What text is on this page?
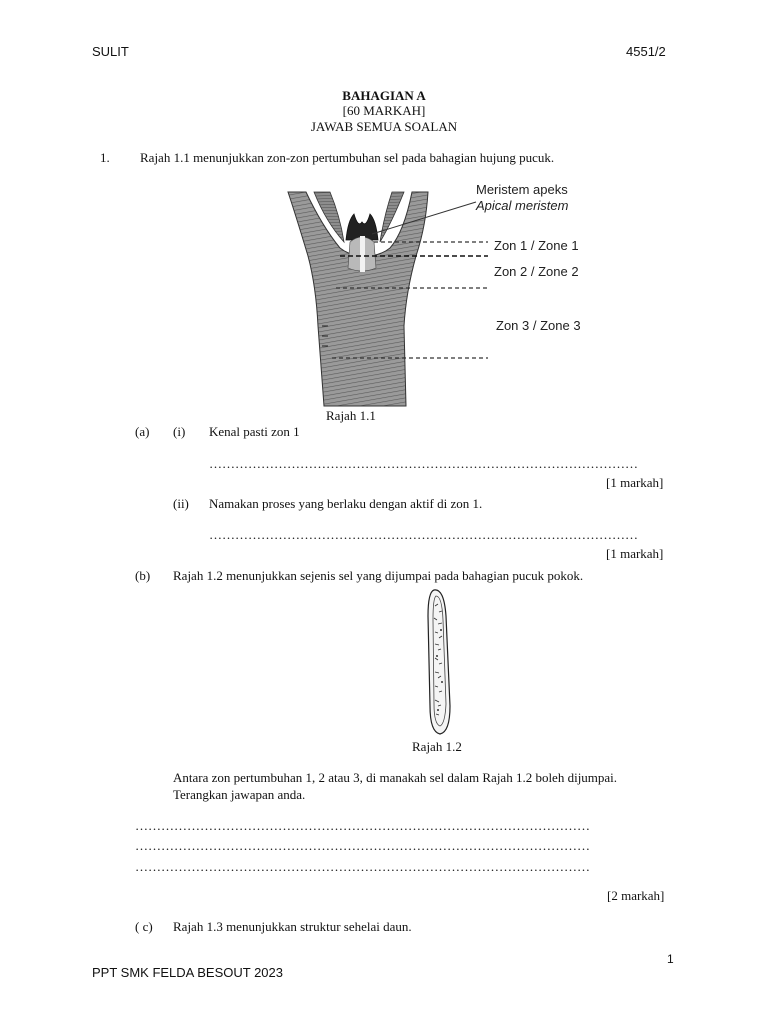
SULIT	4551/2
BAHAGIAN A
[60 MARKAH]
JAWAB SEMUA SOALAN
1. Rajah 1.1 menunjukkan zon-zon pertumbuhan sel pada bahagian hujung pucuk.
Meristem apeks
Apical meristem
Zon 1 / Zone 1
Zon 2 / Zone 2
Zon 3 / Zone 3
Rajah 1.1
(a) (i) Kenal pasti zon 1
………………………………………………………………………………………
[1 markah]
(ii) Namakan proses yang berlaku dengan aktif di zon 1.
………………………………………………………………………………………
[1 markah]
(b) Rajah 1.2 menunjukkan sejenis sel yang dijumpai pada bahagian pucuk pokok.
Rajah 1.2
Antara zon pertumbuhan 1, 2 atau 3, di manakah sel dalam Rajah 1.2 boleh dijumpai.
Terangkan jawapan anda.
……………………………………………………………………………………………
……………………………………………………………………………………………
……………………………………………………………………………………………
[2 markah]
( c) Rajah 1.3 menunjukkan struktur sehelai daun.
1
PPT SMK FELDA BESOUT 2023
